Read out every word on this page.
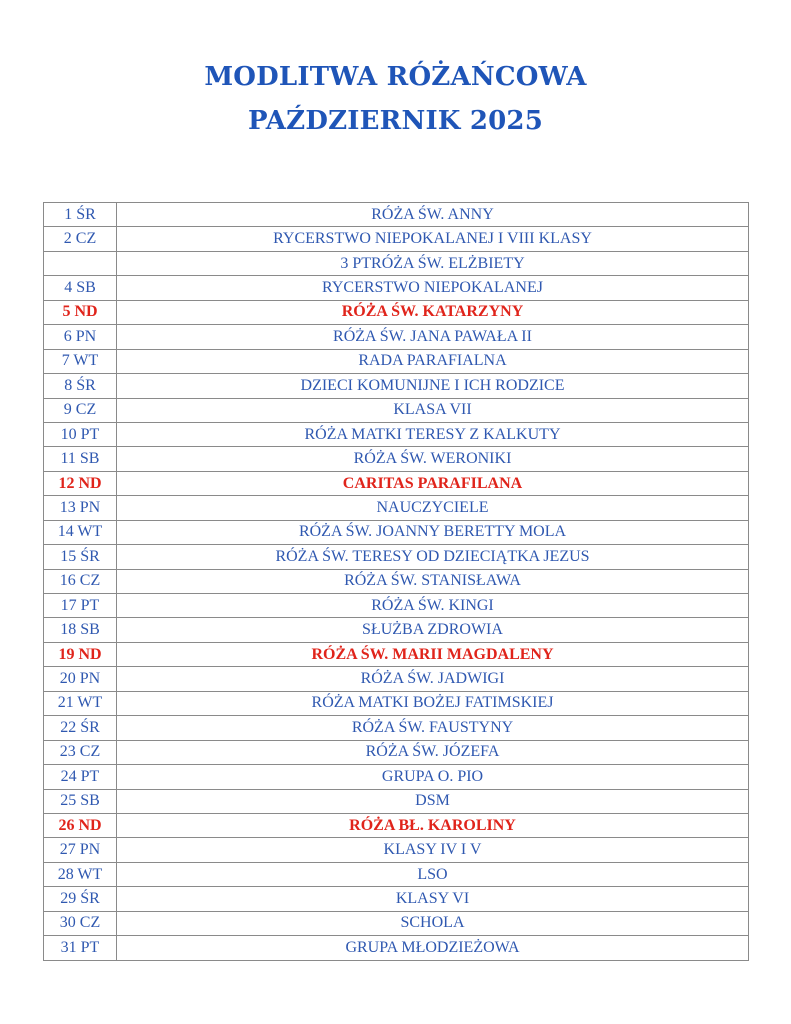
MODLITWA RÓŻAŃCOWA
PAŹDZIERNIK 2025
1 ŚR	RÓŻA ŚW. ANNY
2 CZ	RYCERSTWO NIEPOKALANEJ I VIII KLASY
	3 PTRÓŻA ŚW. ELŻBIETY
4 SB	RYCERSTWO NIEPOKALANEJ
5 ND	RÓŻA ŚW. KATARZYNY
6 PN	RÓŻA ŚW. JANA PAWAŁA II
7 WT	RADA PARAFIALNA
8 ŚR	DZIECI KOMUNIJNE I ICH RODZICE
9 CZ	KLASA VII
10 PT	RÓŻA MATKI TERESY Z KALKUTY
11 SB	RÓŻA ŚW. WERONIKI
12 ND	CARITAS PARAFILANA
13 PN	NAUCZYCIELE
14 WT	RÓŻA ŚW. JOANNY BERETTY MOLA
15 ŚR	RÓŻA ŚW. TERESY OD DZIECIĄTKA JEZUS
16 CZ	RÓŻA ŚW. STANISŁAWA
17 PT	RÓŻA ŚW. KINGI
18 SB	SŁUŻBA ZDROWIA
19 ND	RÓŻA ŚW. MARII MAGDALENY
20 PN	RÓŻA ŚW. JADWIGI
21 WT	RÓŻA MATKI BOŻEJ FATIMSKIEJ
22 ŚR	RÓŻA ŚW. FAUSTYNY
23 CZ	RÓŻA ŚW. JÓZEFA
24 PT	GRUPA O. PIO
25 SB	DSM
26 ND	RÓŻA BŁ. KAROLINY
27 PN	KLASY IV I V
28 WT	LSO
29 ŚR	KLASY VI
30 CZ	SCHOLA
31 PT	GRUPA MŁODZIEŻOWA
